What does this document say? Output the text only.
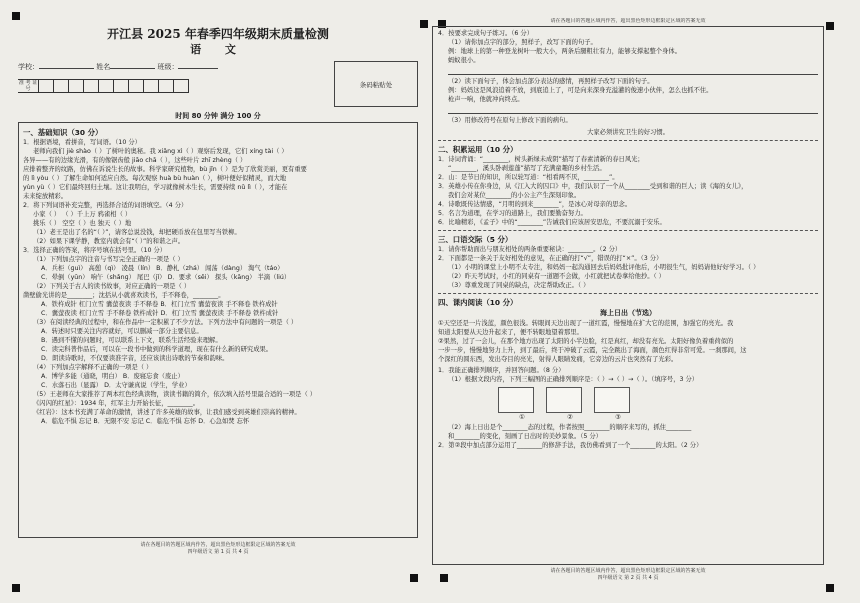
开江县 2025 年春季四年级期末质量检测
语 文
学校：	姓名	班级：
准 考 证 号
条码粘贴处
时间 80 分钟 满分 100 分
一、基础知识（30 分）
1．根据语境，看拼音，写词语。（10 分）
老师向我们 jiè shào（ ）了树叶的奥秘。我 xiǎng xì（ ）观察后发现，它们 xíng tài（ ）
各异——有的边缘光滑，有的像锯齿般 jiāo chā（ ），这些叶片 zhī zhèng（ ）
应排着整齐的纹路，仿佛在诉说生长的故事。科学家研究植物，bù jǐn（ ）是为了欣赏美丽，更有重要
的 lì yòu（ ）了解生命如何适应自然。每次观察 huà bù huàn（ ），树叶便好似精灵，而大地
yùn yù（ ）它们最终回归土壤。这让我明白，学习就像树木生长，需要持续 nǔ lì（ ），才能在
未来绽放精彩。
2．将下列词语补充完整，再选择合适的词语填空。（4 分）
小家（ ） （ ）千上万 鸦雀相（ ）
挑乐（ ） 空空（ ）也 独天（ ）地
（1）老王是出了名的“（ ）”，请客总说没钱，却把硬币放在包里写当铁柳。
（2）如果下课学静，教室内就会有“（ ）”的和谐之声。
3．选择正确的答案，将序号填在括号里。（10 分）
（1）下列加点字的注音与书写完全正确的一项是（ ）
A．兵柜（ɡuì） 高憩（qì） 凌晨（lín） B．静札（zhá） 闯荡（dàng） 淘气（táo）
C．晕倒（yūn） 响午（shǎnɡ） 尾巴（jǐ） D．要求（sēi） 探头（kāng） 半滴（liú）
（2）下列关于古人的读书故事，对应正确的一项是（ ）
凿壁偷光讲的是________；沈括从小就喜欢读书，手不释卷，________。
A．铁杵成针 杠门立雪 囊萤夜读 手不释卷 B．杠门立雪 囊萤夜读 手不释卷 铁杵成针
C．囊萤夜读 杠门立雪 手不释卷 铁杵成针 D．杠门立雪 囊萤夜读 手不释卷 铁杵成针
（3）在阅读经典的过程中，和在作品中一定积累了不少方法。下列方法中有问题的一项是（ ）
A．转述时只要关注内容就好，可以删减一部分主要信息。
B．遇到不懂的问题时，可以联系上下文，联系生活经验来理解。
C．读完科普作品后，可以在一段书中做到的科学道理，现在有什么新的研究成果。
D．朗读诗歌时，不仅要读准字音，还应该读出诗歌的节奏和韵味。
（4）下列加点字解释不正确的一项是（ ）
A．博学多能（通晓，明白） B．废寝忘食（废止）
C．水落石出（显露） D．太守谦真说（学生，学业）
（5）王老师在大家推荐了两本红色经典读物，读读书籍的简介，依次填入括号里最合适的一项是（ ）
《闪闪的红星》：1934 年，红军主力开始长征，________。
《红岩》：这本书充满了革命的激情，讲述了许多英雄的故事，让我们感受到英雄们崇高的精神。
A．临危不惧 忘记 B．无限不安 忘记 C．临危不惧 忘怀 D．心急如焚 忘怀
请在各题目的答题区域内作答，超出黑色矩形边框限定区域的答案无效
四年级语文 第 1 页 共 4 页
请在各题目的答题区域内作答，超出黑色矩形边框限定区域的答案无效
4．按要求完成句子练习。（6 分）
（1）请你加点字的部分，照样子，改写下面的句子。
例：地球上的第一种登龙树叶一般大小，两条后腿粗壮有力，能够支撑起整个身体。
蚂蚁很小。
（2）读下面句子，体会加点部分表达的感情，再照样子改写下面的句子。
例：妈妈这是风浪追着不放，到底追上了，可是向来深身充溢灌的俊速小伙伴，怎么也抓不住。
枪声一响，他就冲向终点。
（3）用修改符号在原句上修改下面的病句。
大家必须讲究卫生的好习惯。
二、积累运用（10 分）
1．诗词背诵：“________，树头新绿未成阴”描写了春素清新的春日风光；
“________，溪头卧剥莲蓬”描写了充满童趣的乡村生活。
2．山：是节日的知识，所以轮写道：“相看两不厌，________”。
3．英雄小传在你身边，从《江入大的囚口》中，我们认识了一个从________受到和谐的巨人；读《海的女儿》，
我们会对某位________的小公主产生深刻印象。
4．诗歌既传达情感，“月明的到来________”，是冰心对母亲的思念。
5．名言为道理，在学习的道路上，我们要勤奋努力。
6．比喻精彩，《孟子》中的“________”告诫我们应该居安思危，不要沉溺于安乐。
三、口语交际（5 分）
1．请你帮助面出与朋友相处的两条重要秘诀：________。（2 分）
2．下面都是一条关于友好相处的意见，在正确的打“√”，错误的打“×”。（3 分）
（1）小明的课堂上小明不太专注，和妈妈一起沟通回去后妈妈批评他后，小明很生气，妈妈请他好好学习。（ ）
（2）昨天考试时，小红的同桌有一道题不会做，小红就把试卷拿给他抄。（ ）
（3）尊重发现了同桌的缺点，决定帮助改正。（ ）
四、课内阅读（10 分）
海上日出（节选）
①天空还是一片浅蓝，颜色很浅。转眼间天边出现了一道红霞，慢慢地在扩大它的范围，加强它的亮光。我
知道太阳要从天边升起来了，便不转眼地望着那里。
②果然，过了一会儿，在那个地方出现了太阳的小半边脸，红是真红，却没有亮光。太阳好像负着重荷似的
一步一步，慢慢地努力上升，到了最后，终于冲破了云霞，完全跳出了海面，颜色红得非常可爱。一刹那间，这
个深红的圆东西，发出夺目的亮光，射得人眼睛发痛，它旁边的云片也突然有了光彩。
1．我能正确排列顺序，并回答问题。（8 分）
（1）根据文段内容，下列三幅图的正确排列顺序是：（ ）→（ ）→（ ）。（填序号，3 分）
①	②	③
（2）海上日出是个________态的过程，作者按照________的顺序来写的，抓住________
和________的变化，刻画了日出时的美妙景象。（5 分）
2．第②段中加点部分运用了________的修辞手法，我仿佛看到了一个________的太阳。（2 分）
请在各题目的答题区域内作答，超出黑色矩形边框限定区域的答案无效
四年级语文 第 2 页 共 4 页
